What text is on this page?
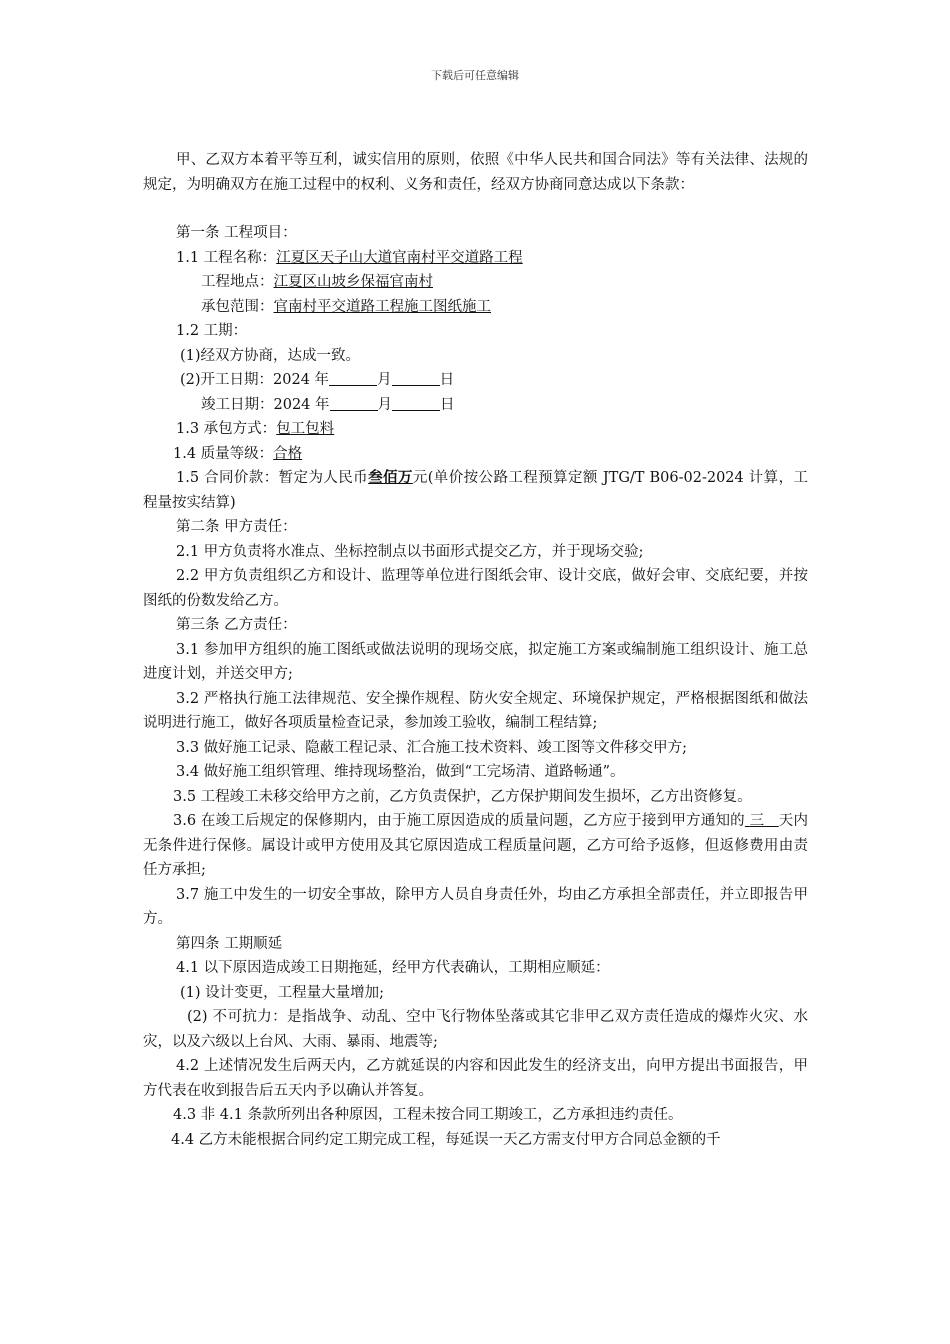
下载后可任意编辑
甲、乙双方本着平等互利，诚实信用的原则，依照《中华人民共和国合同法》等有关法律、法规的规定，为明确双方在施工过程中的权利、义务和责任，经双方协商同意达成以下条款：
第一条 工程项目：
1.1 工程名称：江夏区天子山大道官南村平交道路工程
工程地点：江夏区山坡乡保福官南村
承包范围：官南村平交道路工程施工图纸施工
1.2 工期：
(1)经双方协商，达成一致。
(2)开工日期：2024 年	月	日
竣工日期：2024 年	月	日
1.3 承包方式：包工包料
1.4 质量等级：合格
1.5 合同价款：暂定为人民币叁佰万元(单价按公路工程预算定额 JTG/T B06-02-2024 计算，工程量按实结算)
第二条 甲方责任：
2.1 甲方负责将水准点、坐标控制点以书面形式提交乙方，并于现场交验;
2.2 甲方负责组织乙方和设计、监理等单位进行图纸会审、设计交底，做好会审、交底纪要，并按图纸的份数发给乙方。
第三条 乙方责任：
3.1 参加甲方组织的施工图纸或做法说明的现场交底，拟定施工方案或编制施工组织设计、施工总进度计划，并送交甲方;
3.2 严格执行施工法律规范、安全操作规程、防火安全规定、环境保护规定，严格根据图纸和做法说明进行施工，做好各项质量检查记录，参加竣工验收，编制工程结算;
3.3 做好施工记录、隐蔽工程记录、汇合施工技术资料、竣工图等文件移交甲方;
3.4 做好施工组织管理、维持现场整治，做到“工完场清、道路畅通”。
3.5 工程竣工未移交给甲方之前，乙方负责保护，乙方保护期间发生损坏，乙方出资修复。
3.6 在竣工后规定的保修期内，由于施工原因造成的质量问题，乙方应于接到甲方通知的 三 天内无条件进行保修。属设计或甲方使用及其它原因造成工程质量问题，乙方可给予返修，但返修费用由责任方承担;
3.7 施工中发生的一切安全事故，除甲方人员自身责任外，均由乙方承担全部责任，并立即报告甲方。
第四条 工期顺延
4.1 以下原因造成竣工日期拖延，经甲方代表确认，工期相应顺延：
(1) 设计变更，工程量大量增加;
(2) 不可抗力：是指战争、动乱、空中飞行物体坠落或其它非甲乙双方责任造成的爆炸火灾、水灾，以及六级以上台风、大雨、暴雨、地震等;
4.2 上述情况发生后两天内，乙方就延误的内容和因此发生的经济支出，向甲方提出书面报告，甲方代表在收到报告后五天内予以确认并答复。
4.3 非 4.1 条款所列出各种原因，工程未按合同工期竣工，乙方承担违约责任。
4.4 乙方未能根据合同约定工期完成工程，每延误一天乙方需支付甲方合同总金额的千
